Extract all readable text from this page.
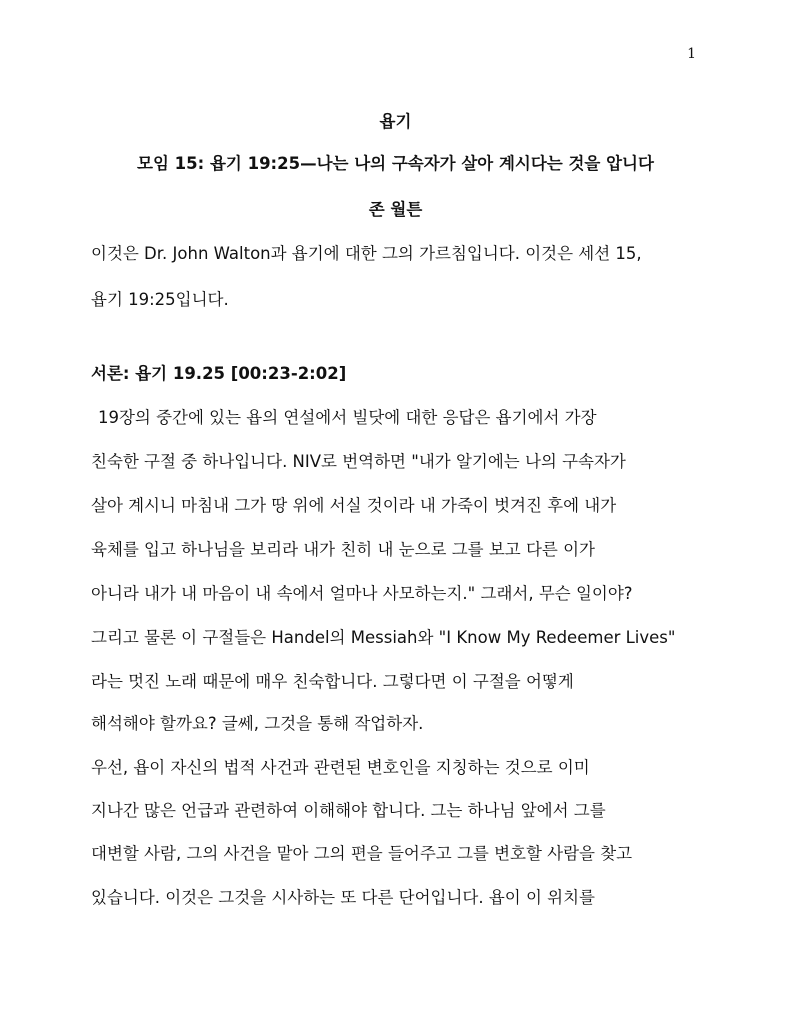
1
욥기
모임 15: 욥기 19:25—나는 나의 구속자가 살아 계시다는 것을 압니다
존 월튼
이것은 Dr. John Walton과 욥기에 대한 그의 가르침입니다. 이것은 세션 15,
욥기 19:25입니다.
서론: 욥기 19.25 [00:23-2:02]
19장의 중간에 있는 욥의 연설에서 빌닷에 대한 응답은 욥기에서 가장
친숙한 구절 중 하나입니다. NIV로 번역하면 "내가 알기에는 나의 구속자가
살아 계시니 마침내 그가 땅 위에 서실 것이라 내 가죽이 벗겨진 후에 내가
육체를 입고 하나님을 보리라 내가 친히 내 눈으로 그를 보고 다른 이가
아니라 내가 내 마음이 내 속에서 얼마나 사모하는지." 그래서, 무슨 일이야?
그리고 물론 이 구절들은 Handel의 Messiah와 "I Know My Redeemer Lives"
라는 멋진 노래 때문에 매우 친숙합니다. 그렇다면 이 구절을 어떻게
해석해야 할까요? 글쎄, 그것을 통해 작업하자.
우선, 욥이 자신의 법적 사건과 관련된 변호인을 지칭하는 것으로 이미
지나간 많은 언급과 관련하여 이해해야 합니다. 그는 하나님 앞에서 그를
대변할 사람, 그의 사건을 맡아 그의 편을 들어주고 그를 변호할 사람을 찾고
있습니다. 이것은 그것을 시사하는 또 다른 단어입니다. 욥이 이 위치를
